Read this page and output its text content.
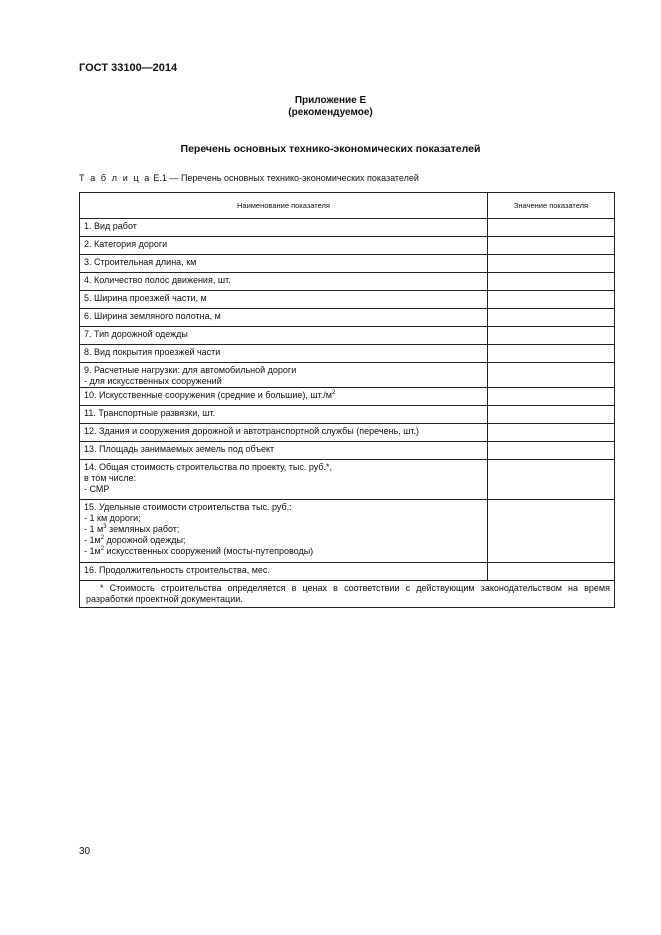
ГОСТ 33100—2014
Приложение Е
(рекомендуемое)
Перечень основных технико-экономических показателей
Т а б л и ц а Е.1 — Перечень основных технико-экономических показателей
Наименование показателя	Значение показателя
1. Вид работ	
2. Категория дороги	
3. Строительная длина, км	
4. Количество полос движения, шт.	
5. Ширина проезжей части, м	
6. Ширина земляного полотна, м	
7. Тип дорожной одежды	
8. Вид покрытия проезжей части	

9. Расчетные нагрузки: для автомобильной дороги
- для искусственных сооружений	

10. Искусственные сооружения (средние и большие), $шт./м^2$	
11. Транспортные развязки, шт.	
12. Здания и сооружения дорожной и автотранспортной службы (перечень, шт.)	
13. Площадь занимаемых земель под объект	

14. Общая стоимость строительства по проекту, тыс. руб.*,
в том числе:
- СМР	

15. Удельные стоимости строительства тыс. руб.:
- 1 км дороги;
- 1 $м^3$ земляных работ;
- $1м^2$ дорожной одежды;
- $1м^2$ искусственных сооружений (мосты-путепроводы)	

16. Продолжительность строительства, мес.	
* Стоимость строительства определяется в ценах в соответствии с действующим законодательством на время разработки проектной документации.	
30
